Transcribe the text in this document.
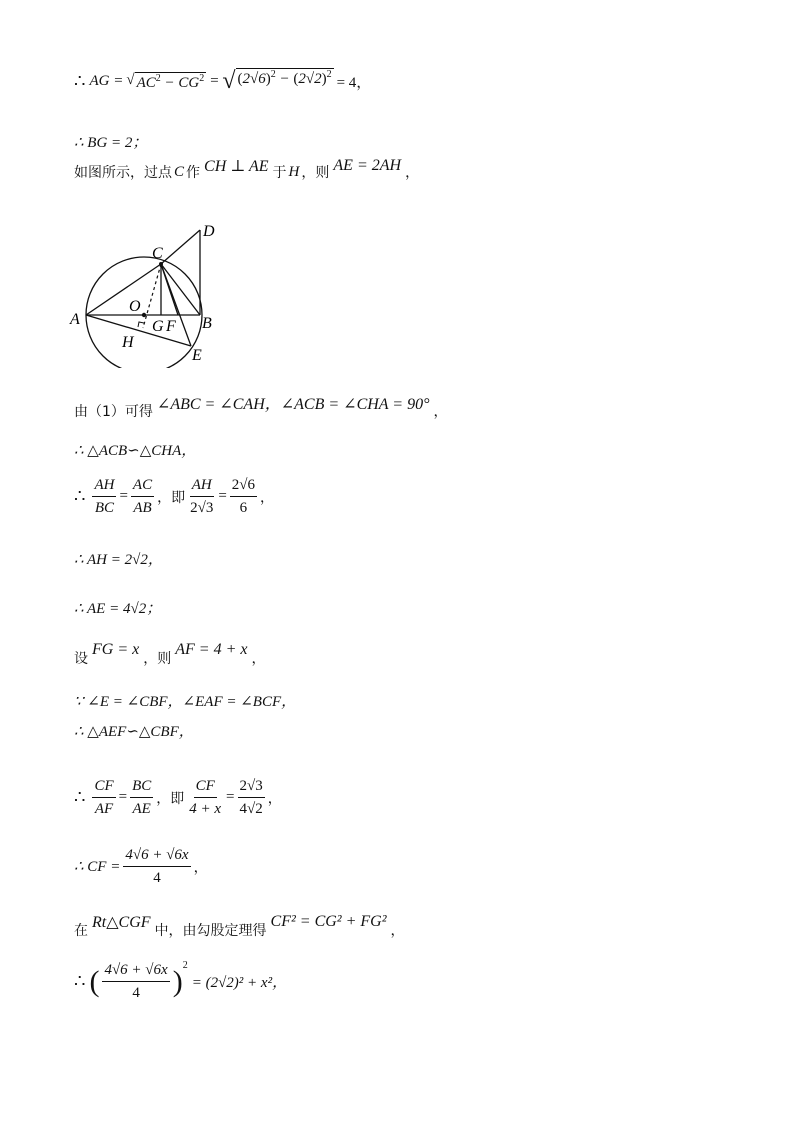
∴ AG = √ $AC^2 - CG^2$ = √ $(2√6)^2 - (2√2)^2$
= 4，
∴ BG = 2；
如图所示，过点 C 作 CH ⊥ AE 于 H ，则 AE = 2AH ，
A	B
C
D
E
O
G F
H
由（1）可得 ∠ABC = ∠CAH，∠ACB = ∠CHA = 90° ，
∴ △ACB∽△CHA，
∴ $\frac{AH}{BC} = \frac{AC}{AB}$ ， 即 $\frac{AH}{2√3} = \frac{2√6}{6}$ ，
∴ AH = 2√2，
∴ AE = 4√2；
设
FG = x
，则
AF = 4 + x
，
∵ ∠E = ∠CBF，∠EAF = ∠BCF，
∴ △AEF∽△CBF，
∴ $\frac{CF}{AF} = \frac{BC}{AE}$ ， 即 $\frac{CF}{4 + x} = \frac{2√3}{4√2}$ ，
∴ CF = $\frac{4√6 + √6x}{4}$ ，
在 Rt△CGF 中，由勾股定理得
CF² = CG² + FG²
，
∴ ( $\frac{4√6 + √6x}{4}$ ) 2
= (2√2)² + x²，
